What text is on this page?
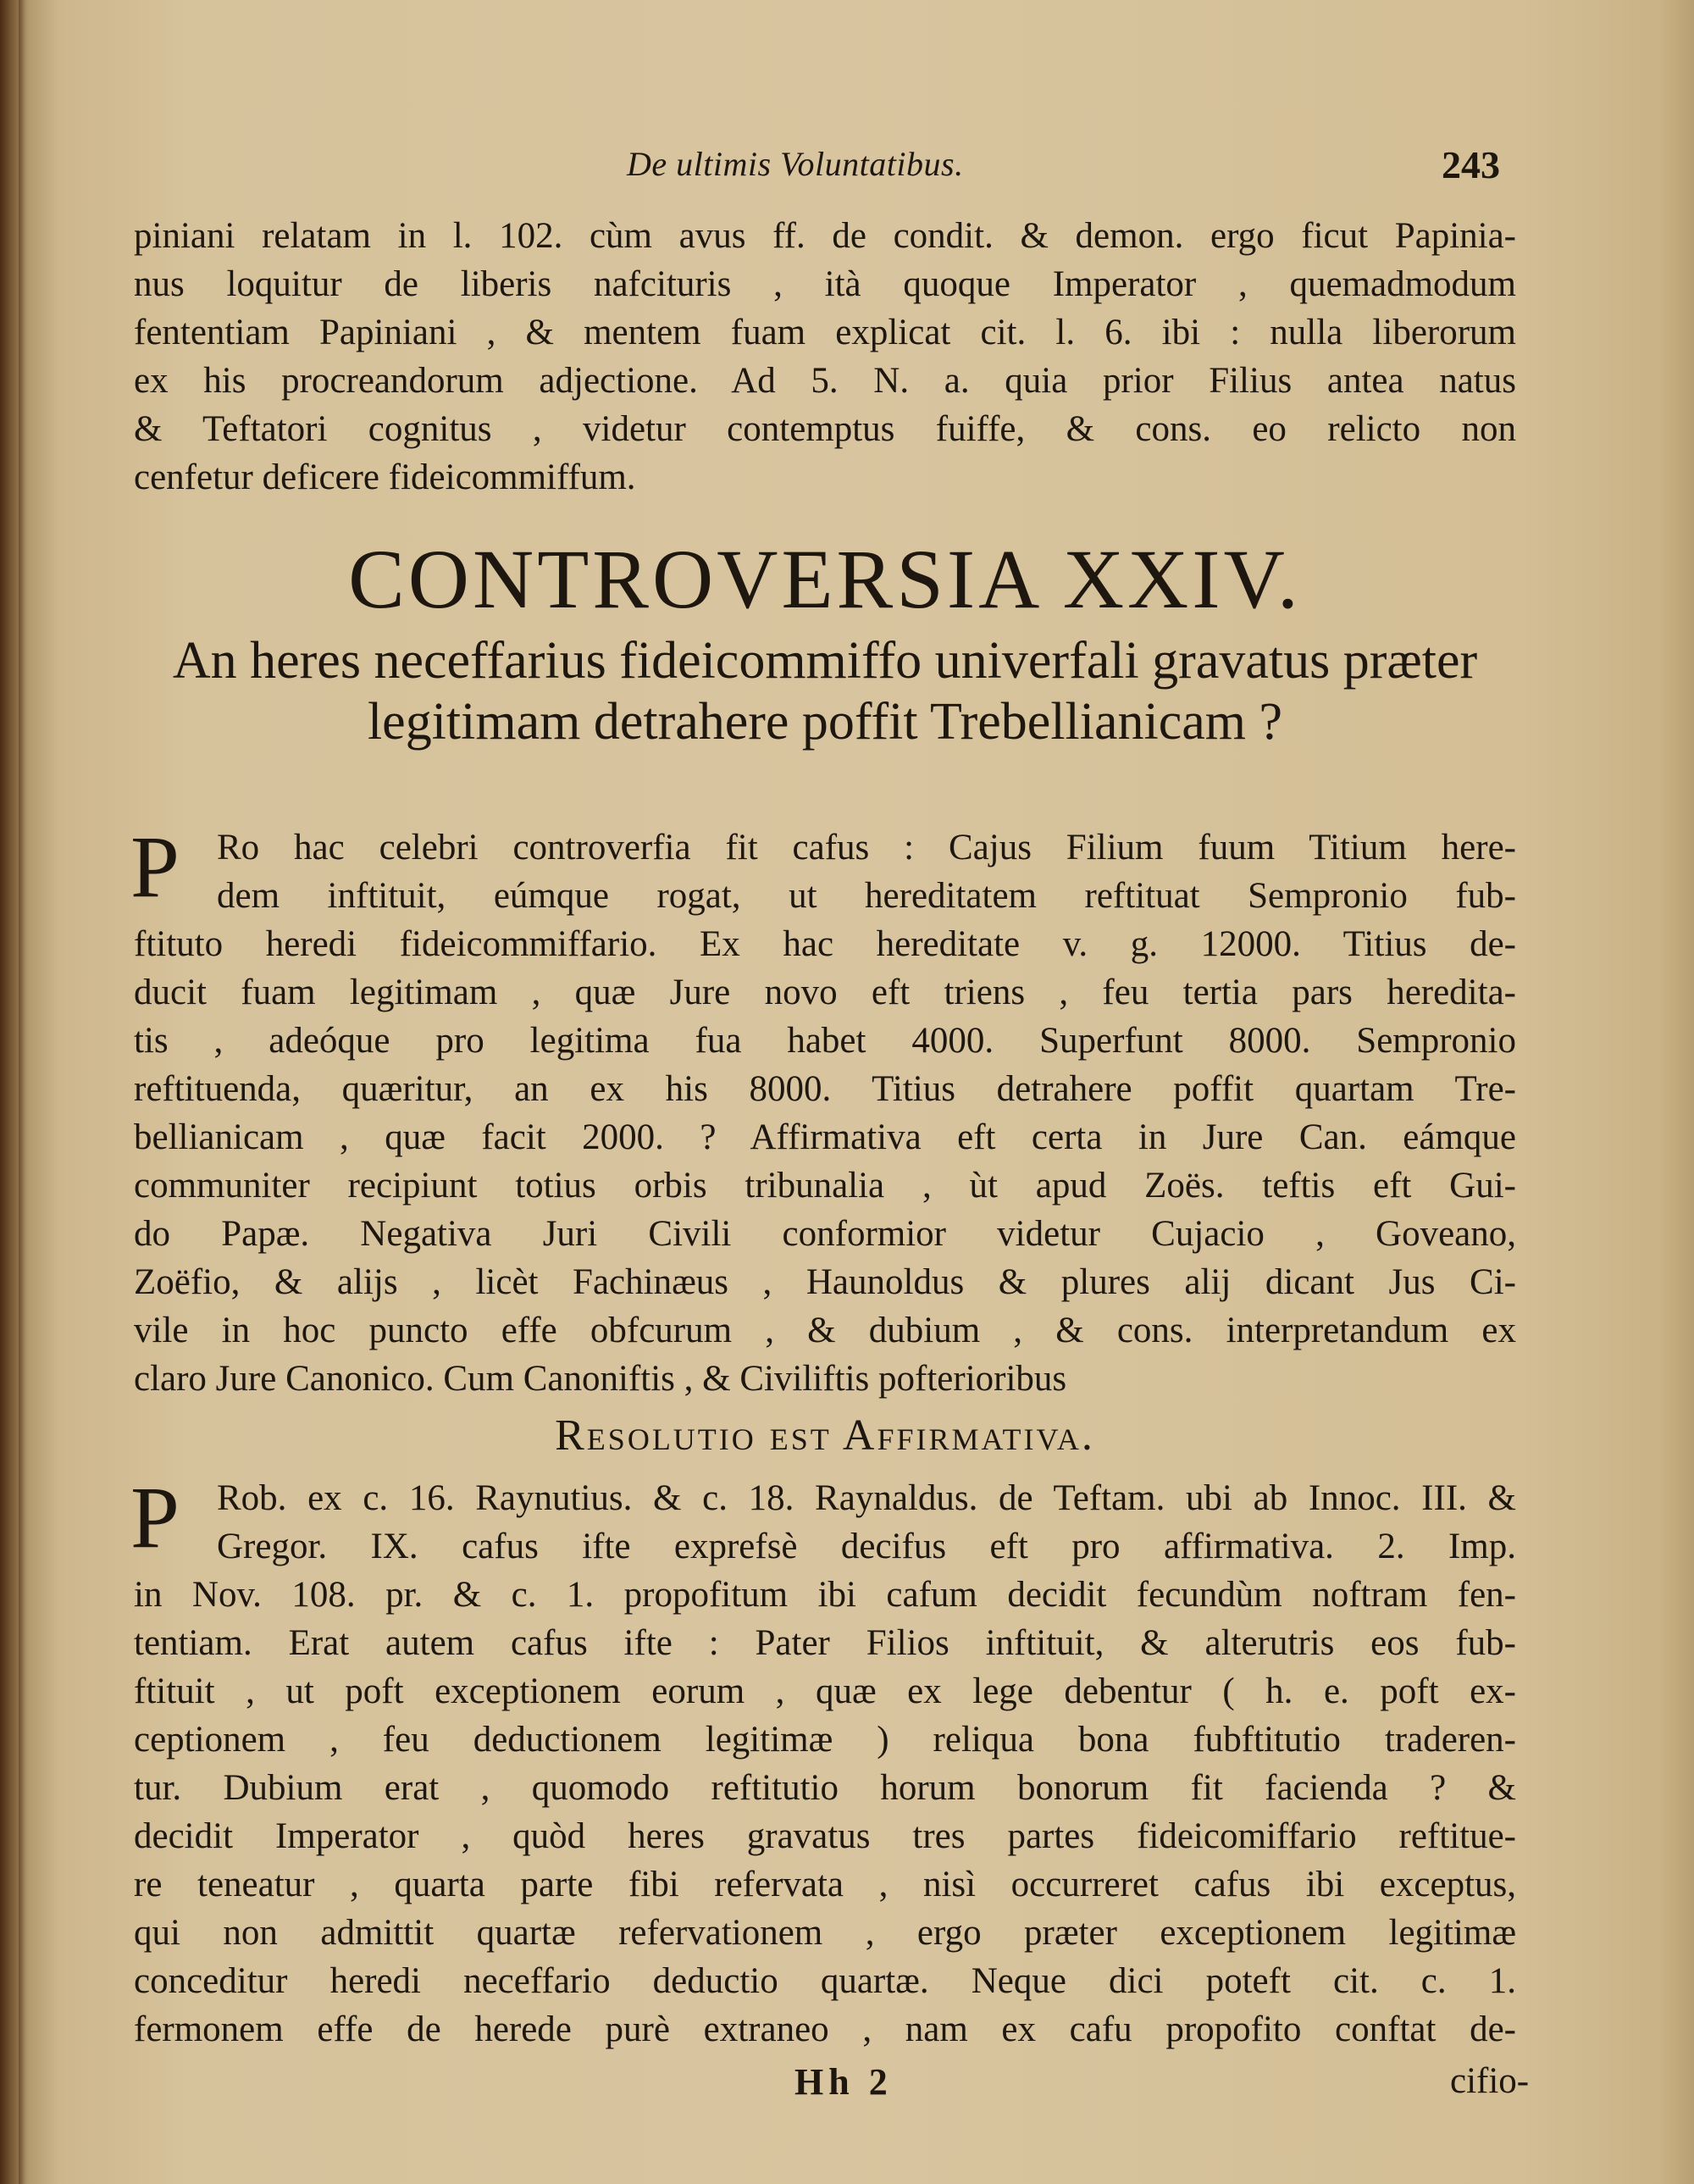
De ultimis Voluntatibus.	243
piniani relatam in l. 102. cùm avus ff. de condit. & demon. ergo ficut Papinia-
nus loquitur de liberis nafcituris , ità quoque Imperator , quemadmodum
fententiam Papiniani , & mentem fuam explicat cit. l. 6. ibi : nulla liberorum
ex his procreandorum adjectione. Ad 5. N. a. quia prior Filius antea natus
& Teftatori cognitus , videtur contemptus fuiffe, & cons. eo relicto non
cenfetur deficere fideicommiffum.
CONTROVERSIA XXIV.
An heres neceffarius fideicommiffo univerfali gravatus præter legitimam detrahere poffit Trebellianicam ?
P	Ro hac celebri controverfia fit cafus : Cajus Filium fuum Titium here-
dem inftituit, eúmque rogat, ut hereditatem reftituat Sempronio fub-
ftituto heredi fideicommiffario. Ex hac hereditate v. g. 12000. Titius de-
ducit fuam legitimam , quæ Jure novo eft triens , feu tertia pars heredita-
tis , adeóque pro legitima fua habet 4000. Superfunt 8000. Sempronio
reftituenda, quæritur, an ex his 8000. Titius detrahere poffit quartam Tre-
bellianicam , quæ facit 2000. ? Affirmativa eft certa in Jure Can. eámque
communiter recipiunt totius orbis tribunalia , ùt apud Zoës. teftis eft Gui-
do Papæ. Negativa Juri Civili conformior videtur Cujacio , Goveano,
Zoëfio, & alijs , licèt Fachinæus , Haunoldus & plures alij dicant Jus Ci-
vile in hoc puncto effe obfcurum , & dubium , & cons. interpretandum ex
claro Jure Canonico. Cum Canoniftis , & Civiliftis pofterioribus
Resolutio est Affirmativa.
P	Rob. ex c. 16. Raynutius. & c. 18. Raynaldus. de Teftam. ubi ab Innoc. III. &
Gregor. IX. cafus ifte exprefsè decifus eft pro affirmativa. 2. Imp.
in Nov. 108. pr. & c. 1. propofitum ibi cafum decidit fecundùm noftram fen-
tentiam. Erat autem cafus ifte : Pater Filios inftituit, & alterutris eos fub-
ftituit , ut poft exceptionem eorum , quæ ex lege debentur ( h. e. poft ex-
ceptionem , feu deductionem legitimæ ) reliqua bona fubftitutio traderen-
tur. Dubium erat , quomodo reftitutio horum bonorum fit facienda ? &
decidit Imperator , quòd heres gravatus tres partes fideicomiffario reftitue-
re teneatur , quarta parte fibi refervata , nisì occurreret cafus ibi exceptus,
qui non admittit quartæ refervationem , ergo præter exceptionem legitimæ
conceditur heredi neceffario deductio quartæ. Neque dici poteft cit. c. 1.
fermonem effe de herede purè extraneo , nam ex cafu propofito conftat de-
Hh 2	cifio-
